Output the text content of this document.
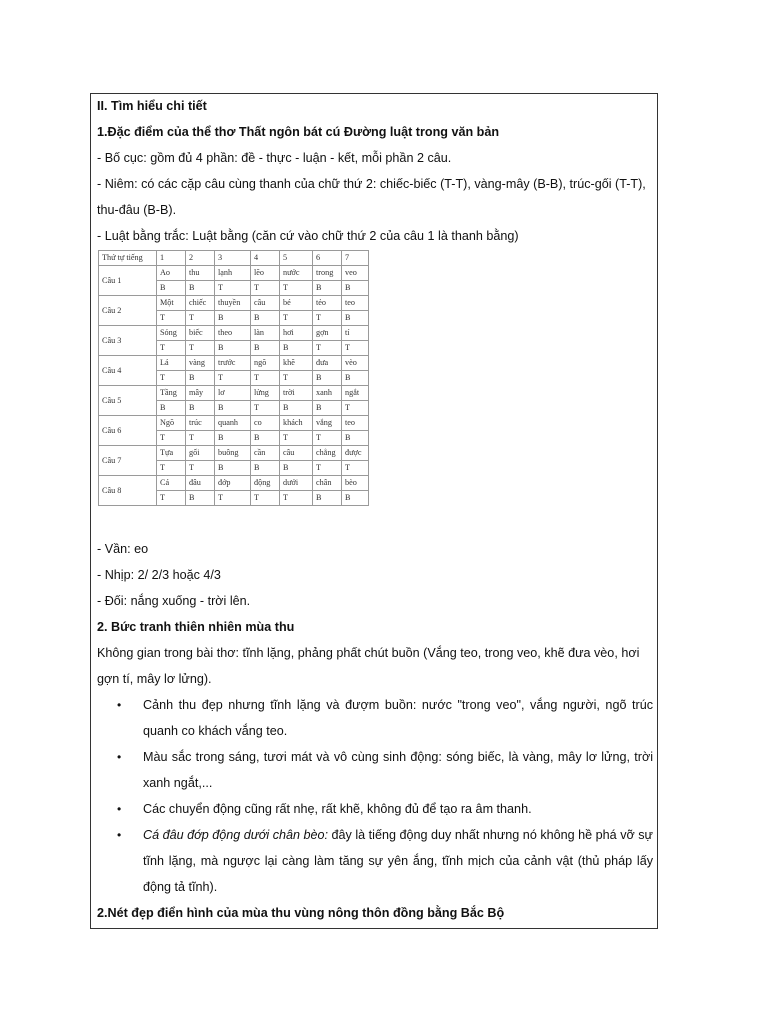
II. Tìm hiểu chi tiết
1.Đặc điểm của thể thơ Thất ngôn bát cú Đường luật trong văn bản
- Bố cục: gồm đủ 4 phần: đề - thực - luận - kết, mỗi phần 2 câu.
- Niêm: có các cặp câu cùng thanh của chữ thứ 2: chiếc-biếc (T-T), vàng-mây (B-B), trúc-gối (T-T),
thu-đâu (B-B).
- Luật bằng trắc: Luật bằng (căn cứ vào chữ thứ 2 của câu 1 là thanh bằng)
Thứ tự tiếng	1	2	3	4	5	6	7
Câu 1	Ao	thu	lạnh	lẽo	nước	trong	veo
	B	B	T	T	T	B	B
Câu 2	Một	chiếc	thuyền	câu	bé	tẻo	teo
	T	T	B	B	T	T	B
Câu 3	Sóng	biếc	theo	làn	hơi	gợn	tí
	T	T	B	B	B	T	T
Câu 4	Lá	vàng	trước	ngõ	khẽ	đưa	vèo
	T	B	T	T	T	B	B
Câu 5	Tầng	mây	lơ	lửng	trời	xanh	ngắt
	B	B	B	T	B	B	T
Câu 6	Ngõ	trúc	quanh	co	khách	vắng	teo
	T	T	B	B	T	T	B
Câu 7	Tựa	gối	buông	cần	câu	chẳng	được
	T	T	B	B	B	T	T
Câu 8	Cá	đâu	đớp	động	dưới	chân	bèo
	T	B	T	T	T	B	B
- Vần: eo
- Nhịp: 2/ 2/3 hoặc 4/3
- Đối: nắng xuống - trời lên.
2. Bức tranh thiên nhiên mùa thu
Không gian trong bài thơ: tĩnh lặng, phảng phất chút buồn (Vắng teo, trong veo, khẽ đưa vèo, hơi gợn tí, mây lơ lửng).
• Cảnh thu đẹp nhưng tĩnh lặng và đượm buồn: nước "trong veo", vắng người, ngõ trúc quanh co khách vắng teo.
• Màu sắc trong sáng, tươi mát và vô cùng sinh động: sóng biếc, là vàng, mây lơ lửng, trời xanh ngắt,...
• Các chuyển động cũng rất nhẹ, rất khẽ, không đủ để tạo ra âm thanh.
• Cá đâu đớp động dưới chân bèo: đây là tiếng động duy nhất nhưng nó không hề phá vỡ sự tĩnh lặng, mà ngược lại càng làm tăng sự yên ắng, tĩnh mịch của cảnh vật (thủ pháp lấy động tả tĩnh).
2.Nét đẹp điển hình của mùa thu vùng nông thôn đồng bằng Bắc Bộ
